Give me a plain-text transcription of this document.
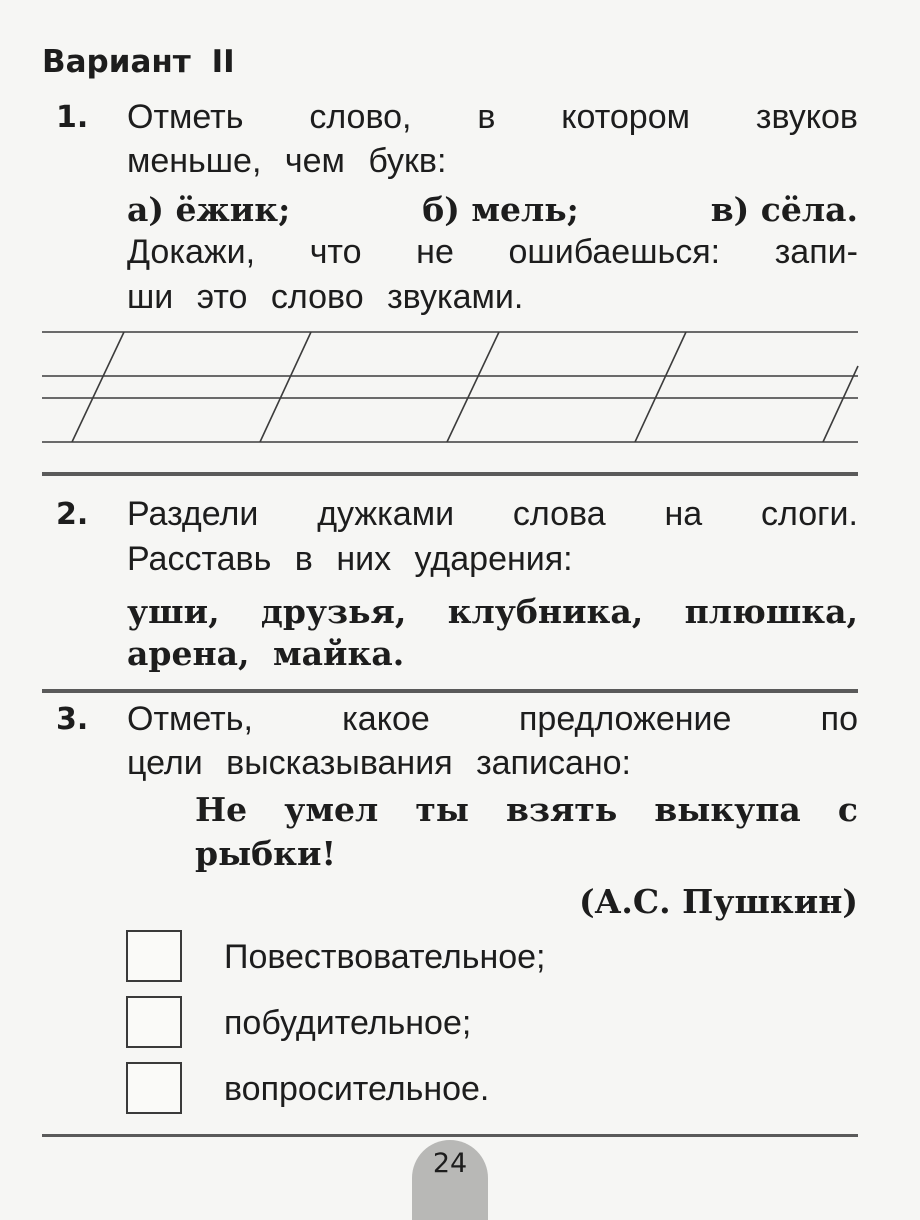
Вариант II
1. Отметь слово, в котором звуков
меньше, чем букв:
а) ёжик;	б) мель;	в) сёла.
Докажи, что не ошибаешься: запи-
ши это слово звуками.
2. Раздели дужками слова на слоги.
Расставь в них ударения:
уши, друзья, клубника, плюшка,
арена, майка.
3. Отметь,	какое	предложение	по
цели высказывания записано:
Не умел ты взять выкупа с
рыбки!
(А.С. Пушкин)
Повествовательное;
побудительное;
вопросительное.
24
